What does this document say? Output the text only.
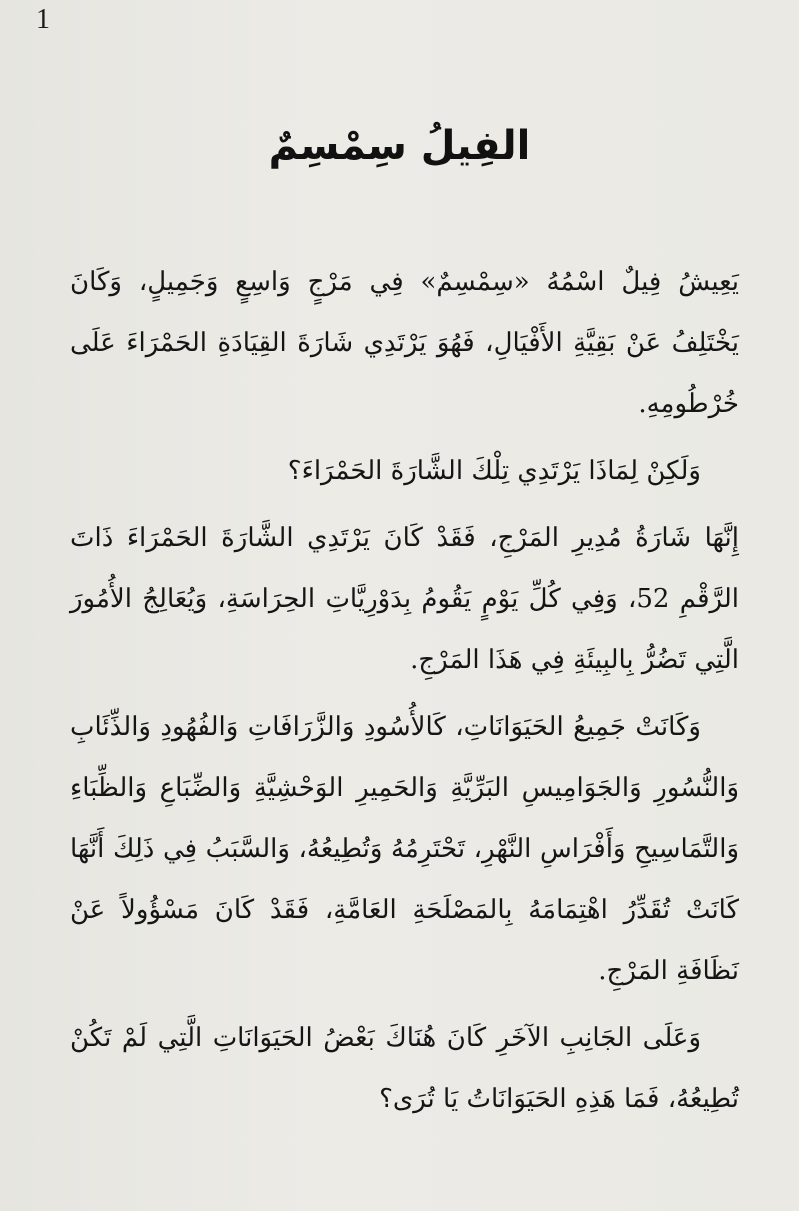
1
الفِيلُ سِمْسِمٌ

يَعِيشُ فِيلٌ اسْمُهُ «سِمْسِمٌ» فِي مَرْجٍ وَاسِعٍ وَجَمِيلٍ، وَكَانَ يَخْتَلِفُ عَنْ بَقِيَّةِ الأَفْيَالِ، فَهُوَ يَرْتَدِي شَارَةَ القِيَادَةِ الحَمْرَاءَ عَلَى خُرْطُومِهِ.

وَلَكِنْ لِمَاذَا يَرْتَدِي تِلْكَ الشَّارَةَ الحَمْرَاءَ؟

إِنَّهَا شَارَةُ مُدِيرِ المَرْجِ، فَقَدْ كَانَ يَرْتَدِي الشَّارَةَ الحَمْرَاءَ ذَاتَ الرَّقْمِ 52، وَفِي كُلِّ يَوْمٍ يَقُومُ بِدَوْرِيَّاتِ الحِرَاسَةِ، وَيُعَالِجُ الأُمُورَ الَّتِي تَضُرُّ بِالبِيئَةِ فِي هَذَا المَرْجِ.

وَكَانَتْ جَمِيعُ الحَيَوَانَاتِ، كَالأُسُودِ وَالزَّرَافَاتِ وَالفُهُودِ وَالذِّئَابِ وَالنُّسُورِ وَالجَوَامِيسِ البَرِّيَّةِ وَالحَمِيرِ الوَحْشِيَّةِ وَالضِّبَاعِ وَالظِّبَاءِ وَالتَّمَاسِيحِ وَأَفْرَاسِ النَّهْرِ، تَحْتَرِمُهُ وَتُطِيعُهُ، وَالسَّبَبُ فِي ذَلِكَ أَنَّهَا كَانَتْ تُقَدِّرُ اهْتِمَامَهُ بِالمَصْلَحَةِ العَامَّةِ، فَقَدْ كَانَ مَسْؤُولاً عَنْ نَظَافَةِ المَرْجِ.

وَعَلَى الجَانِبِ الآخَرِ كَانَ هُنَاكَ بَعْضُ الحَيَوَانَاتِ الَّتِي لَمْ تَكُنْ تُطِيعُهُ، فَمَا هَذِهِ الحَيَوَانَاتُ يَا تُرَى؟
